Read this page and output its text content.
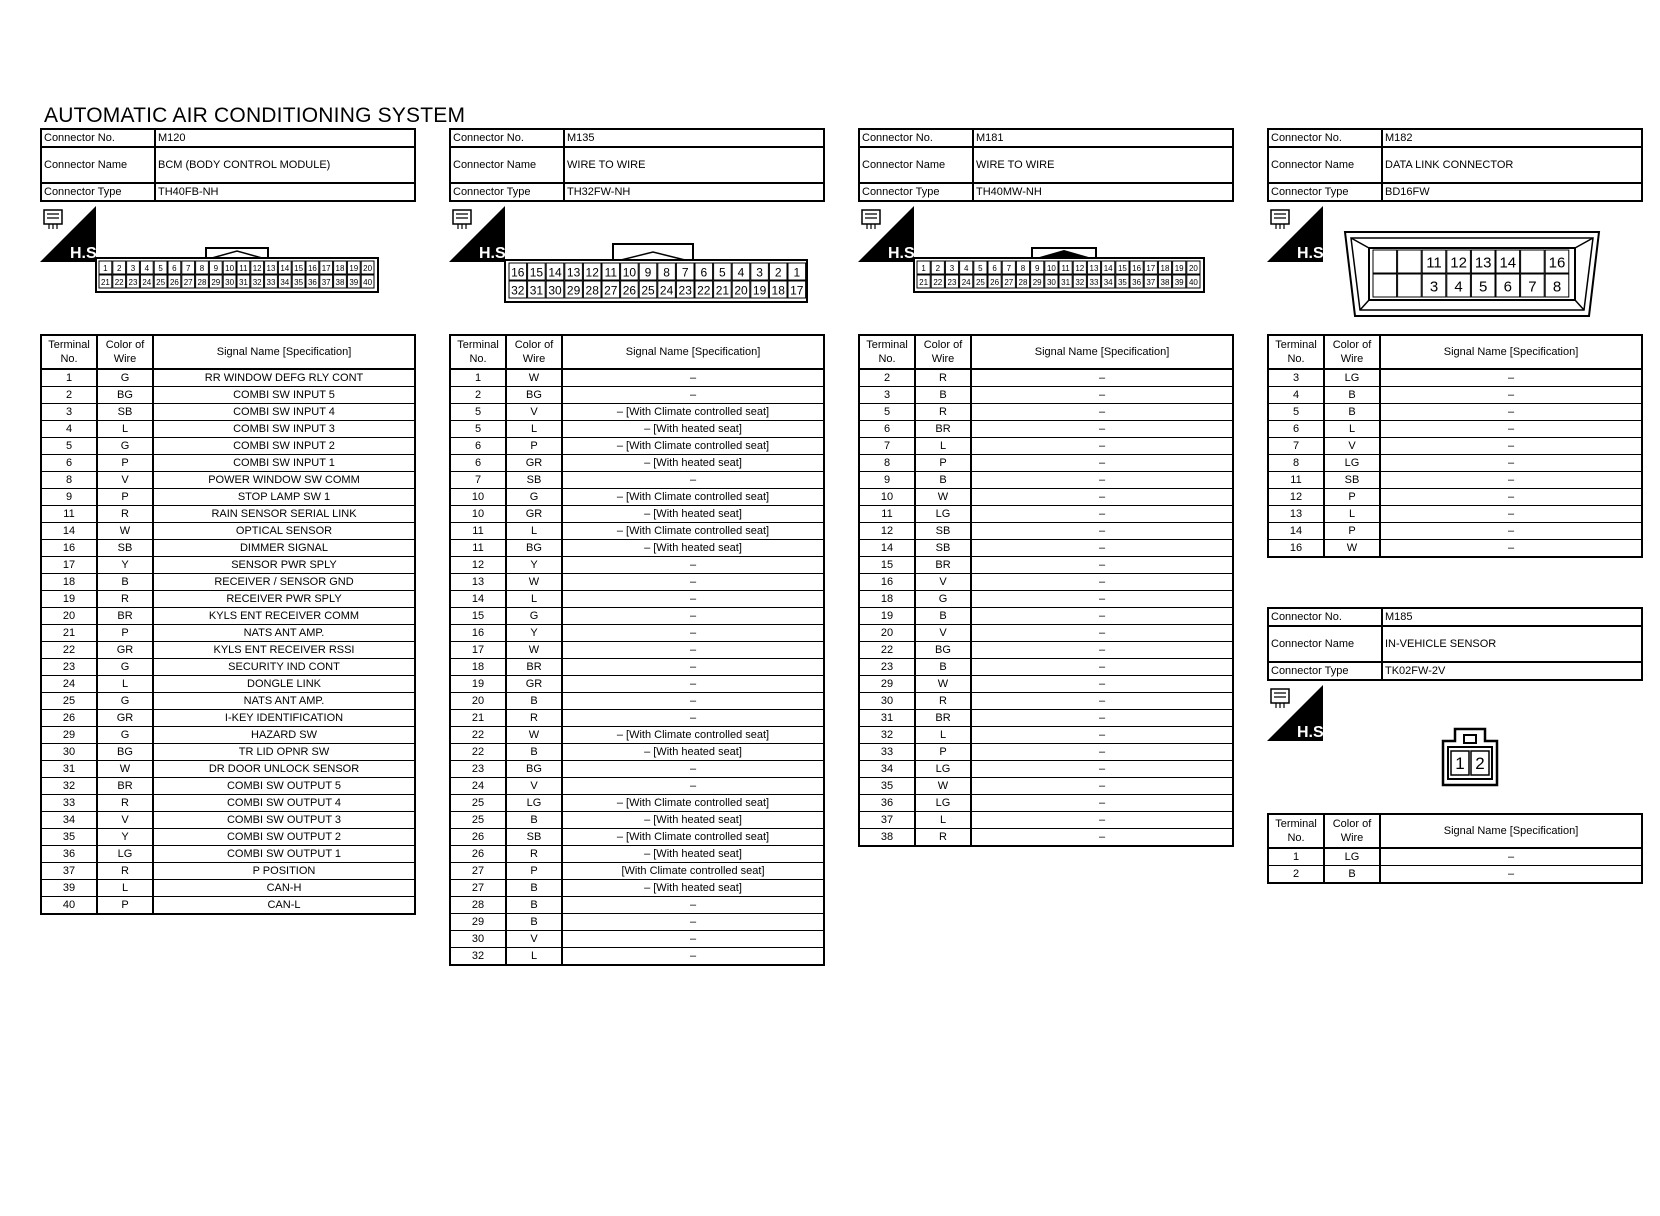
AUTOMATIC AIR CONDITIONING SYSTEM
Connector No.	M120
Connector Name	BCM (BODY CONTROL MODULE)
Connector Type	TH40FB-NH
H.S.
1 2 3 4 5 6 7 8 9 10 11 12 13 14 15 16 17 18 19 20
21 22 23 24 25 26 27 28 29 30 31 32 33 34 35 36 37 38 39 40
Terminal No.	Color of Wire	Signal Name [Specification]
1	G	RR WINDOW DEFG RLY CONT
2	BG	COMBI SW INPUT 5
3	SB	COMBI SW INPUT 4
4	L	COMBI SW INPUT 3
5	G	COMBI SW INPUT 2
6	P	COMBI SW INPUT 1
8	V	POWER WINDOW SW COMM
9	P	STOP LAMP SW 1
11	R	RAIN SENSOR SERIAL LINK
14	W	OPTICAL SENSOR
16	SB	DIMMER SIGNAL
17	Y	SENSOR PWR SPLY
18	B	RECEIVER / SENSOR GND
19	R	RECEIVER PWR SPLY
20	BR	KYLS ENT RECEIVER COMM
21	P	NATS ANT AMP.
22	GR	KYLS ENT RECEIVER RSSI
23	G	SECURITY IND CONT
24	L	DONGLE LINK
25	G	NATS ANT AMP.
26	GR	I-KEY IDENTIFICATION
29	G	HAZARD SW
30	BG	TR LID OPNR SW
31	W	DR DOOR UNLOCK SENSOR
32	BR	COMBI SW OUTPUT 5
33	R	COMBI SW OUTPUT 4
34	V	COMBI SW OUTPUT 3
35	Y	COMBI SW OUTPUT 2
36	LG	COMBI SW OUTPUT 1
37	R	P POSITION
39	L	CAN-H
40	P	CAN-L
Connector No.	M135
Connector Name	WIRE TO WIRE
Connector Type	TH32FW-NH
H.S.
16 15 14 13 12 11 10 9 8 7 6 5 4 3 2 1
32 31 30 29 28 27 26 25 24 23 22 21 20 19 18 17
Terminal No.	Color of Wire	Signal Name [Specification]
1	W	–
2	BG	–
5	V	– [With Climate controlled seat]
5	L	– [With heated seat]
6	P	– [With Climate controlled seat]
6	GR	– [With heated seat]
7	SB	–
10	G	– [With Climate controlled seat]
10	GR	– [With heated seat]
11	L	– [With Climate controlled seat]
11	BG	– [With heated seat]
12	Y	–
13	W	–
14	L	–
15	G	–
16	Y	–
17	W	–
18	BR	–
19	GR	–
20	B	–
21	R	–
22	W	– [With Climate controlled seat]
22	B	– [With heated seat]
23	BG	–
24	V	–
25	LG	– [With Climate controlled seat]
25	B	– [With heated seat]
26	SB	– [With Climate controlled seat]
26	R	– [With heated seat]
27	P	[With Climate controlled seat]
27	B	– [With heated seat]
28	B	–
29	B	–
30	V	–
32	L	–
Connector No.	M181
Connector Name	WIRE TO WIRE
Connector Type	TH40MW-NH
H.S.
1 2 3 4 5 6 7 8 9 10 11 12 13 14 15 16 17 18 19 20
21 22 23 24 25 26 27 28 29 30 31 32 33 34 35 36 37 38 39 40
Terminal No.	Color of Wire	Signal Name [Specification]
2	R	–
3	B	–
5	R	–
6	BR	–
7	L	–
8	P	–
9	B	–
10	W	–
11	LG	–
12	SB	–
14	SB	–
15	BR	–
16	V	–
18	G	–
19	B	–
20	V	–
22	BG	–
23	B	–
29	W	–
30	R	–
31	BR	–
32	L	–
33	P	–
34	LG	–
35	W	–
36	LG	–
37	L	–
38	R	–
Connector No.	M182
Connector Name	DATA LINK CONNECTOR
Connector Type	BD16FW
H.S.
11 12 13 14 16
3 4 5 6 7 8
Terminal No.	Color of Wire	Signal Name [Specification]
3	LG	–
4	B	–
5	B	–
6	L	–
7	V	–
8	LG	–
11	SB	–
12	P	–
13	L	–
14	P	–
16	W	–
Connector No.	M185
Connector Name	IN-VEHICLE SENSOR
Connector Type	TK02FW-2V
H.S.
1 2
Terminal No.	Color of Wire	Signal Name [Specification]
1	LG	–
2	B	–
